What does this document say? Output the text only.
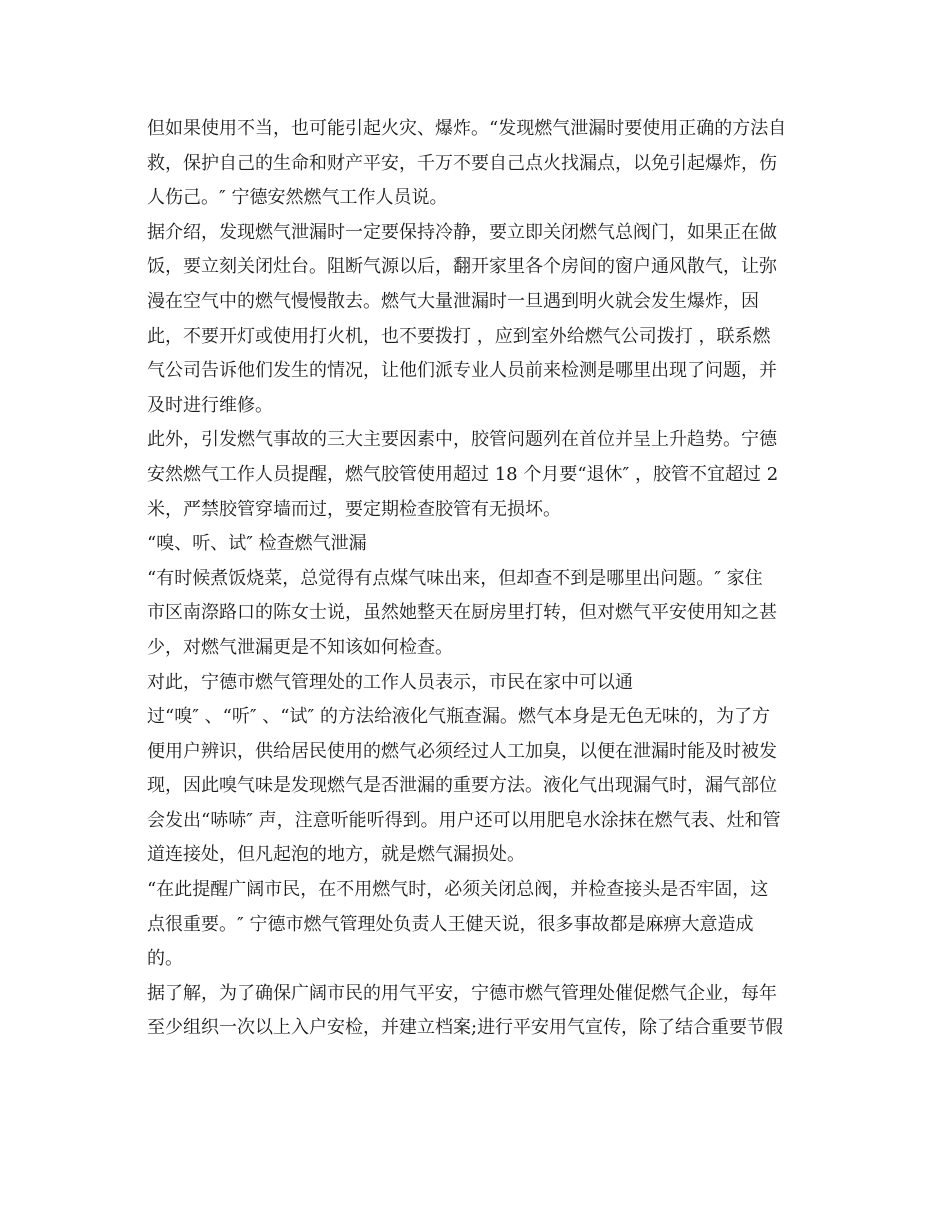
但如果使用不当，也可能引起火灾、爆炸。“发现燃气泄漏时要使用正确的方法自
救，保护自己的生命和财产平安，千万不要自己点火找漏点，以免引起爆炸，伤
人伤己。″ 宁德安然燃气工作人员说。
据介绍，发现燃气泄漏时一定要保持冷静，要立即关闭燃气总阀门，如果正在做
饭，要立刻关闭灶台。阻断气源以后，翻开家里各个房间的窗户通风散气，让弥
漫在空气中的燃气慢慢散去。燃气大量泄漏时一旦遇到明火就会发生爆炸，因
此，不要开灯或使用打火机，也不要拨打 ，应到室外给燃气公司拨打 ，联系燃
气公司告诉他们发生的情况，让他们派专业人员前来检测是哪里出现了问题，并
及时进行维修。
此外，引发燃气事故的三大主要因素中，胶管问题列在首位并呈上升趋势。宁德
安然燃气工作人员提醒，燃气胶管使用超过 18 个月要“退休″ ，胶管不宜超过 2
米，严禁胶管穿墙而过，要定期检查胶管有无损坏。
“嗅、听、试″ 检查燃气泄漏
“有时候煮饭烧菜，总觉得有点煤气味出来，但却查不到是哪里出问题。″ 家住
市区南漈路口的陈女士说，虽然她整天在厨房里打转，但对燃气平安使用知之甚
少，对燃气泄漏更是不知该如何检查。
对此，宁德市燃气管理处的工作人员表示，市民在家中可以通
过“嗅″ 、“听″ 、“试″ 的方法给液化气瓶查漏。燃气本身是无色无味的，为了方
便用户辨识，供给居民使用的燃气必须经过人工加臭，以便在泄漏时能及时被发
现，因此嗅气味是发现燃气是否泄漏的重要方法。液化气出现漏气时，漏气部位
会发出“哧哧″ 声，注意听能听得到。用户还可以用肥皂水涂抹在燃气表、灶和管
道连接处，但凡起泡的地方，就是燃气漏损处。
“在此提醒广阔市民，在不用燃气时，必须关闭总阀，并检查接头是否牢固，这
点很重要。″ 宁德市燃气管理处负责人王健天说，很多事故都是麻痹大意造成
的。
据了解，为了确保广阔市民的用气平安，宁德市燃气管理处催促燃气企业，每年
至少组织一次以上入户安检，并建立档案;进行平安用气宣传，除了结合重要节假
